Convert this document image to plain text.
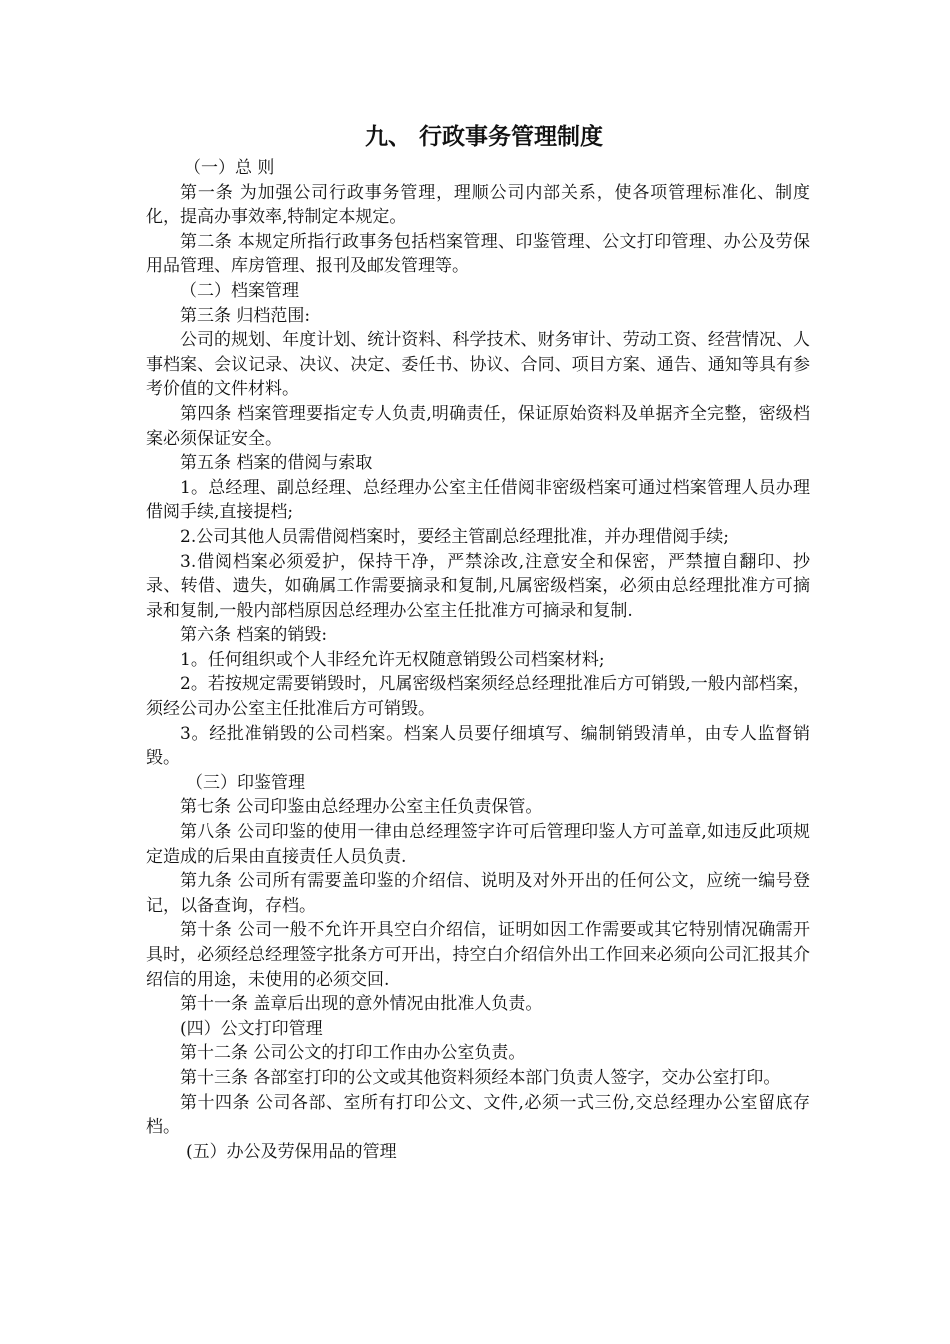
九、 行政事务管理制度

（一）总 则

第一条 为加强公司行政事务管理，理顺公司内部关系，使各项管理标准化、制度化，提高办事效率,特制定本规定。

第二条 本规定所指行政事务包括档案管理、印鉴管理、公文打印管理、办公及劳保用品管理、库房管理、报刊及邮发管理等。

（二）档案管理

第三条 归档范围:

公司的规划、年度计划、统计资料、科学技术、财务审计、劳动工资、经营情况、人事档案、会议记录、决议、决定、委任书、协议、合同、项目方案、通告、通知等具有参考价值的文件材料。

第四条 档案管理要指定专人负责,明确责任，保证原始资料及单据齐全完整，密级档案必须保证安全。

第五条 档案的借阅与索取

1。总经理、副总经理、总经理办公室主任借阅非密级档案可通过档案管理人员办理借阅手续,直接提档;

2.公司其他人员需借阅档案时，要经主管副总经理批准，并办理借阅手续;

3.借阅档案必须爱护，保持干净，严禁涂改,注意安全和保密，严禁擅自翻印、抄录、转借、遗失，如确属工作需要摘录和复制,凡属密级档案，必须由总经理批准方可摘录和复制,一般内部档原因总经理办公室主任批准方可摘录和复制.

第六条 档案的销毁:

1。任何组织或个人非经允许无权随意销毁公司档案材料;

2。若按规定需要销毁时，凡属密级档案须经总经理批准后方可销毁,一般内部档案，须经公司办公室主任批准后方可销毁。

3。经批准销毁的公司档案。档案人员要仔细填写、编制销毁清单，由专人监督销毁。

（三）印鉴管理

第七条 公司印鉴由总经理办公室主任负责保管。

第八条 公司印鉴的使用一律由总经理签字许可后管理印鉴人方可盖章,如违反此项规定造成的后果由直接责任人员负责.

第九条 公司所有需要盖印鉴的介绍信、说明及对外开出的任何公文，应统一编号登记，以备查询，存档。

第十条 公司一般不允许开具空白介绍信，证明如因工作需要或其它特别情况确需开具时，必须经总经理签字批条方可开出，持空白介绍信外出工作回来必须向公司汇报其介绍信的用途，未使用的必须交回.

第十一条 盖章后出现的意外情况由批准人负责。

(四）公文打印管理

第十二条 公司公文的打印工作由办公室负责。

第十三条 各部室打印的公文或其他资料须经本部门负责人签字，交办公室打印。

第十四条 公司各部、室所有打印公文、文件,必须一式三份,交总经理办公室留底存档。

(五）办公及劳保用品的管理
